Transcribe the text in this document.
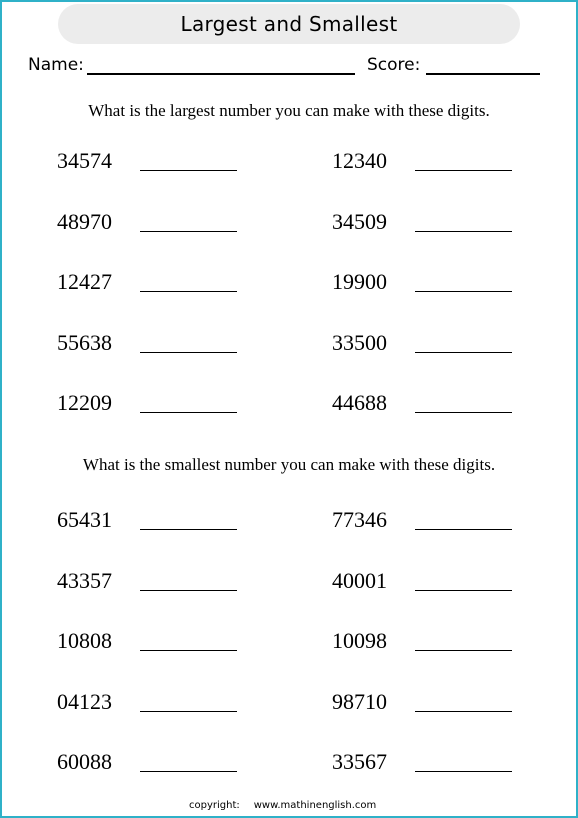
Largest and Smallest
Name:	Score:
What is the largest number you can make with these digits.
34574
48970
12427
55638
12209
12340
34509
19900
33500
44688
What is the smallest number you can make with these digits.
65431
43357
10808
04123
60088
77346
40001
10098
98710
33567
copyright: www.mathinenglish.com
